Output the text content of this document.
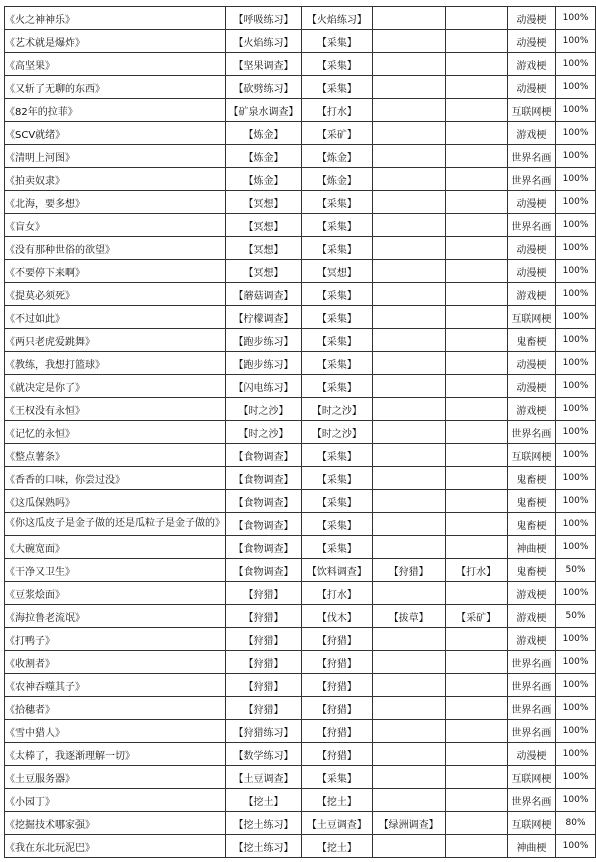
《火之神神乐》	【呼吸练习】	【火焰练习】			动漫梗	100%
《艺术就是爆炸》	【火焰练习】	【采集】			动漫梗	100%
《高坚果》	【坚果调查】	【采集】			游戏梗	100%
《又斩了无聊的东西》	【砍劈练习】	【采集】			动漫梗	100%
《82年的拉菲》	【矿泉水调查】	【打水】			互联网梗	100%
《SCV就绪》	【炼金】	【采矿】			游戏梗	100%
《清明上河图》	【炼金】	【炼金】			世界名画	100%
《拍卖奴隶》	【炼金】	【炼金】			世界名画	100%
《北海，要多想》	【冥想】	【采集】			动漫梗	100%
《盲女》	【冥想】	【采集】			世界名画	100%
《没有那种世俗的欲望》	【冥想】	【采集】			动漫梗	100%
《不要停下来啊》	【冥想】	【冥想】			动漫梗	100%
《提莫必须死》	【蘑菇调查】	【采集】			游戏梗	100%
《不过如此》	【柠檬调查】	【采集】			互联网梗	100%
《两只老虎爱跳舞》	【跑步练习】	【采集】			鬼畜梗	100%
《教练，我想打篮球》	【跑步练习】	【采集】			动漫梗	100%
《就决定是你了》	【闪电练习】	【采集】			动漫梗	100%
《王权没有永恒》	【时之沙】	【时之沙】			游戏梗	100%
《记忆的永恒》	【时之沙】	【时之沙】			世界名画	100%
《整点薯条》	【食物调查】	【采集】			互联网梗	100%
《香香的口味，你尝过没》	【食物调查】	【采集】			鬼畜梗	100%
《这瓜保熟吗》	【食物调查】	【采集】			鬼畜梗	100%
《你这瓜皮子是金子做的还是瓜粒子是金子做的》	【食物调查】	【采集】			鬼畜梗	100%
《大碗宽面》	【食物调查】	【采集】			神曲梗	100%
《干净又卫生》	【食物调查】	【饮料调查】	【狩猎】	【打水】	鬼畜梗	50%
《豆浆烩面》	【狩猎】	【打水】			游戏梗	100%
《海拉鲁老流氓》	【狩猎】	【伐木】	【拔草】	【采矿】	游戏梗	50%
《打鸭子》	【狩猎】	【狩猎】			游戏梗	100%
《收割者》	【狩猎】	【狩猎】			世界名画	100%
《农神吞噬其子》	【狩猎】	【狩猎】			世界名画	100%
《拾穗者》	【狩猎】	【狩猎】			世界名画	100%
《雪中猎人》	【狩猎练习】	【狩猎】			世界名画	100%
《太棒了，我逐渐理解一切》	【数学练习】	【狩猎】			动漫梗	100%
《土豆服务器》	【土豆调查】	【采集】			互联网梗	100%
《小园丁》	【挖土】	【挖土】			世界名画	100%
《挖掘技术哪家强》	【挖土练习】	【土豆调查】	【绿洲调查】		互联网梗	80%
《我在东北玩泥巴》	【挖土练习】	【挖土】			神曲梗	100%
